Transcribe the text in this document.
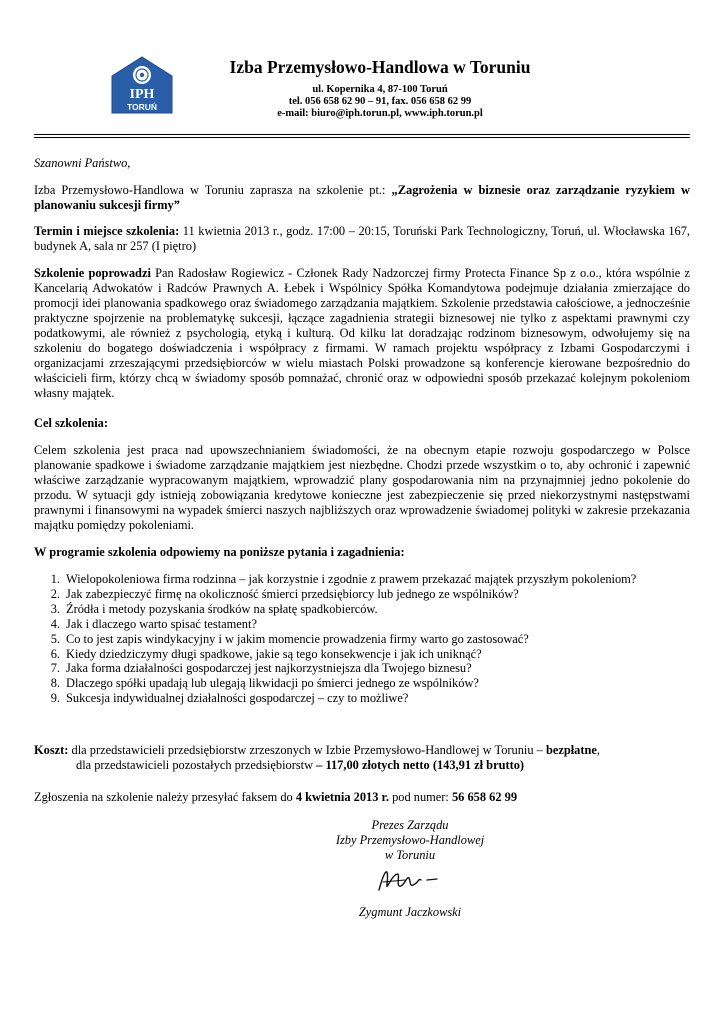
IPH
TORUŃ
Izba Przemysłowo-Handlowa w Toruniu
ul. Kopernika 4, 87-100 Toruń
tel. 056 658 62 90 – 91, fax. 056 658 62 99
e-mail: biuro@iph.torun.pl, www.iph.torun.pl
Szanowni Państwo,
Izba Przemysłowo-Handlowa w Toruniu zaprasza na szkolenie pt.: „Zagrożenia w biznesie oraz zarządzanie ryzykiem w planowaniu sukcesji firmy”
Termin i miejsce szkolenia: 11 kwietnia 2013 r., godz. 17:00 – 20:15, Toruński Park Technologiczny, Toruń, ul. Włocławska 167, budynek A, sala nr 257 (I piętro)
Szkolenie poprowadzi Pan Radosław Rogiewicz - Członek Rady Nadzorczej firmy Protecta Finance Sp z o.o., która wspólnie z Kancelarią Adwokatów i Radców Prawnych A. Łebek i Wspólnicy Spółka Komandytowa podejmuje działania zmierzające do promocji idei planowania spadkowego oraz świadomego zarządzania majątkiem. Szkolenie przedstawia całościowe, a jednocześnie praktyczne spojrzenie na problematykę sukcesji, łączące zagadnienia strategii biznesowej nie tylko z aspektami prawnymi czy podatkowymi, ale również z psychologią, etyką i kulturą. Od kilku lat doradzając rodzinom biznesowym, odwołujemy się na szkoleniu do bogatego doświadczenia i współpracy z firmami. W ramach projektu współpracy z Izbami Gospodarczymi i organizacjami zrzeszającymi przedsiębiorców w wielu miastach Polski prowadzone są konferencje kierowane bezpośrednio do właścicieli firm, którzy chcą w świadomy sposób pomnażać, chronić oraz w odpowiedni sposób przekazać kolejnym pokoleniom własny majątek.
Cel szkolenia:
Celem szkolenia jest praca nad upowszechnianiem świadomości, że na obecnym etapie rozwoju gospodarczego w Polsce planowanie spadkowe i świadome zarządzanie majątkiem jest niezbędne. Chodzi przede wszystkim o to, aby ochronić i zapewnić właściwe zarządzanie wypracowanym majątkiem, wprowadzić plany gospodarowania nim na przynajmniej jedno pokolenie do przodu. W sytuacji gdy istnieją zobowiązania kredytowe konieczne jest zabezpieczenie się przed niekorzystnymi następstwami prawnymi i finansowymi na wypadek śmierci naszych najbliższych oraz wprowadzenie świadomej polityki w zakresie przekazania majątku pomiędzy pokoleniami.
W programie szkolenia odpowiemy na poniższe pytania i zagadnienia:
1. Wielopokoleniowa firma rodzinna – jak korzystnie i zgodnie z prawem przekazać majątek przyszłym pokoleniom?
2. Jak zabezpieczyć firmę na okoliczność śmierci przedsiębiorcy lub jednego ze wspólników?
3. Źródła i metody pozyskania środków na spłatę spadkobierców.
4. Jak i dlaczego warto spisać testament?
5. Co to jest zapis windykacyjny i w jakim momencie prowadzenia firmy warto go zastosować?
6. Kiedy dziedziczymy długi spadkowe, jakie są tego konsekwencje i jak ich uniknąć?
7. Jaka forma działalności gospodarczej jest najkorzystniejsza dla Twojego biznesu?
8. Dlaczego spółki upadają lub ulegają likwidacji po śmierci jednego ze wspólników?
9. Sukcesja indywidualnej działalności gospodarczej – czy to możliwe?

Koszt: dla przedstawicieli przedsiębiorstw zrzeszonych w Izbie Przemysłowo-Handlowej w Toruniu – bezpłatne,

dla przedstawicieli pozostałych przedsiębiorstw – 117,00 złotych netto (143,91 zł brutto)

Zgłoszenia na szkolenie należy przesyłać faksem do 4 kwietnia 2013 r. pod numer: 56 658 62 99
Prezes Zarządu
Izby Przemysłowo-Handlowej
w Toruniu
Zygmunt Jaczkowski
